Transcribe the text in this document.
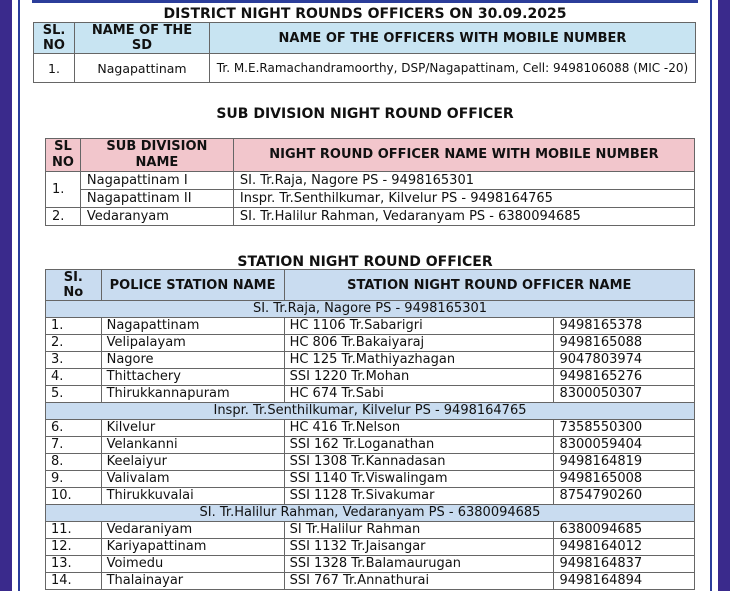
DISTRICT NIGHT ROUNDS OFFICERS ON 30.09.2025
SL. NO	NAME OF THE SD	NAME OF THE OFFICERS WITH MOBILE NUMBER
1.	Nagapattinam	Tr. M.E.Ramachandramoorthy, DSP/Nagapattinam, Cell: 9498106088 (MIC -20)
SUB DIVISION NIGHT ROUND OFFICER
SL NO	SUB DIVISION NAME	NIGHT ROUND OFFICER NAME WITH MOBILE NUMBER
1.	Nagapattinam I	SI. Tr.Raja, Nagore PS - 9498165301
	Nagapattinam II	Inspr. Tr.Senthilkumar, Kilvelur PS - 9498164765
2.	Vedaranyam	SI. Tr.Halilur Rahman, Vedaranyam PS - 6380094685
STATION NIGHT ROUND OFFICER
SI. No	POLICE STATION NAME	STATION NIGHT ROUND OFFICER NAME	
SI. Tr.Raja, Nagore PS - 9498165301			
1.	Nagapattinam	HC 1106 Tr.Sabarigri	9498165378
2.	Velipalayam	HC 806 Tr.Bakaiyaraj	9498165088
3.	Nagore	HC 125 Tr.Mathiyazhagan	9047803974
4.	Thittachery	SSI 1220 Tr.Mohan	9498165276
5.	Thirukkannapuram	HC 674 Tr.Sabi	8300050307
Inspr. Tr.Senthilkumar, Kilvelur PS - 9498164765			
6.	Kilvelur	HC 416 Tr.Nelson	7358550300
7.	Velankanni	SSI 162 Tr.Loganathan	8300059404
8.	Keelaiyur	SSI 1308 Tr.Kannadasan	9498164819
9.	Valivalam	SSI 1140 Tr.Viswalingam	9498165008
10.	Thirukkuvalai	SSI 1128 Tr.Sivakumar	8754790260
SI. Tr.Halilur Rahman, Vedaranyam PS - 6380094685			
11.	Vedaraniyam	SI Tr.Halilur Rahman	6380094685
12.	Kariyapattinam	SSI 1132 Tr.Jaisangar	9498164012
13.	Voimedu	SSI 1328 Tr.Balamaurugan	9498164837
14.	Thalainayar	SSI 767 Tr.Annathurai	9498164894
